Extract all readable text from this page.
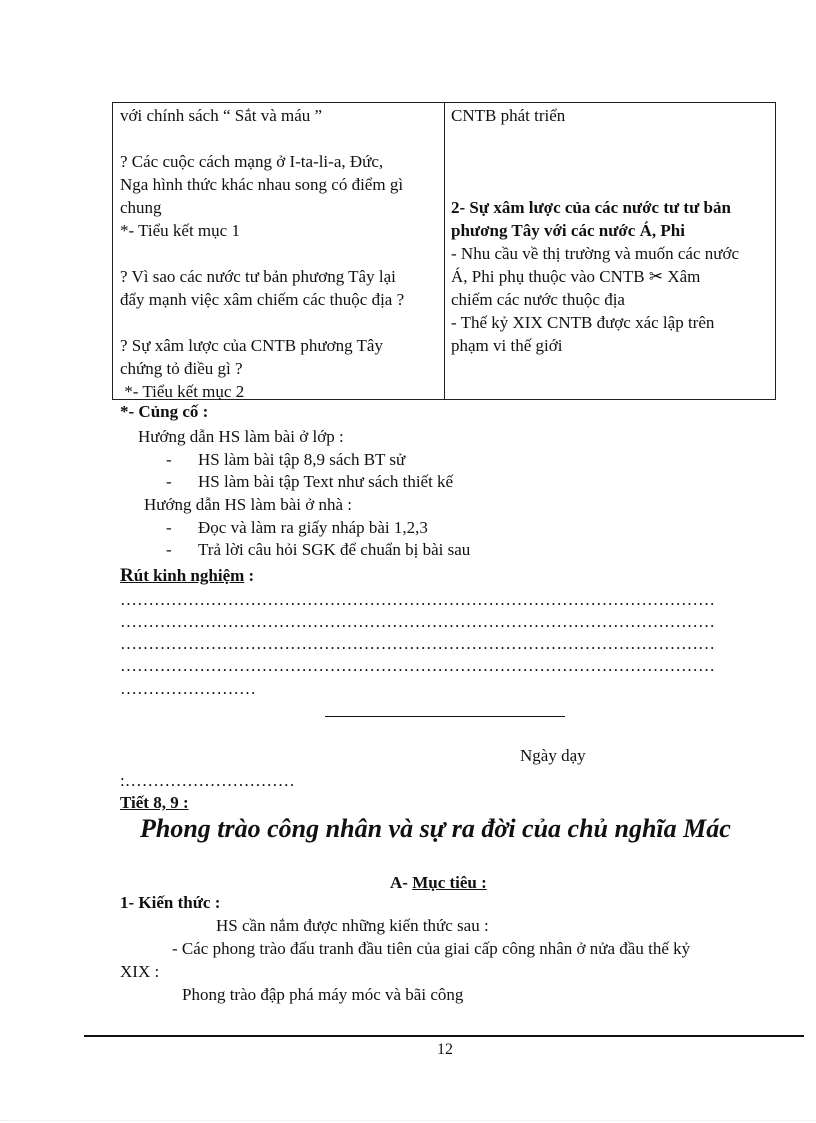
với chính sách “ Sắt và máu ”
? Các cuộc cách mạng ở I-ta-li-a, Đức,
Nga hình thức khác nhau song có điểm gì
chung
*- Tiểu kết mục 1
? Vì sao các nước tư bản phương Tây lại
đẩy mạnh việc xâm chiếm các thuộc địa ?
? Sự xâm lược của CNTB phương Tây
chứng tỏ điều gì ?
*- Tiểu kết mục 2
CNTB phát triển
2- Sự xâm lược của các nước tư tư bản
phương Tây với các nước Á, Phi
- Nhu cầu về thị trường và muốn các nước
Á, Phi phụ thuộc vào CNTB ✂ Xâm
chiếm các nước thuộc địa
- Thế kỷ XIX CNTB được xác lập trên
phạm vi thế giới
*- Củng cố :
Hướng dẫn HS làm bài ở lớp :
- HS làm bài tập 8,9 sách BT sử
- HS làm bài tập Text như sách thiết kế
Hướng dẫn HS làm bài ở nhà :
- Đọc và làm ra giấy nháp bài 1,2,3
- Trả lời câu hỏi SGK để chuẩn bị bài sau
Rút kinh nghiệm :
……………………………………………………………………………………………
……………………………………………………………………………………………
……………………………………………………………………………………………
……………………………………………………………………………………………
……………………
Ngày dạy
:…………………………
Tiết 8, 9 :
Phong trào công nhân và sự ra đời của chủ nghĩa Mác
A- Mục tiêu :
1- Kiến thức :
HS cần nắm được những kiến thức sau :
- Các phong trào đấu tranh đầu tiên của giai cấp công nhân ở nửa đầu thế kỷ
XIX :
Phong trào đập phá máy móc và bãi công
12
